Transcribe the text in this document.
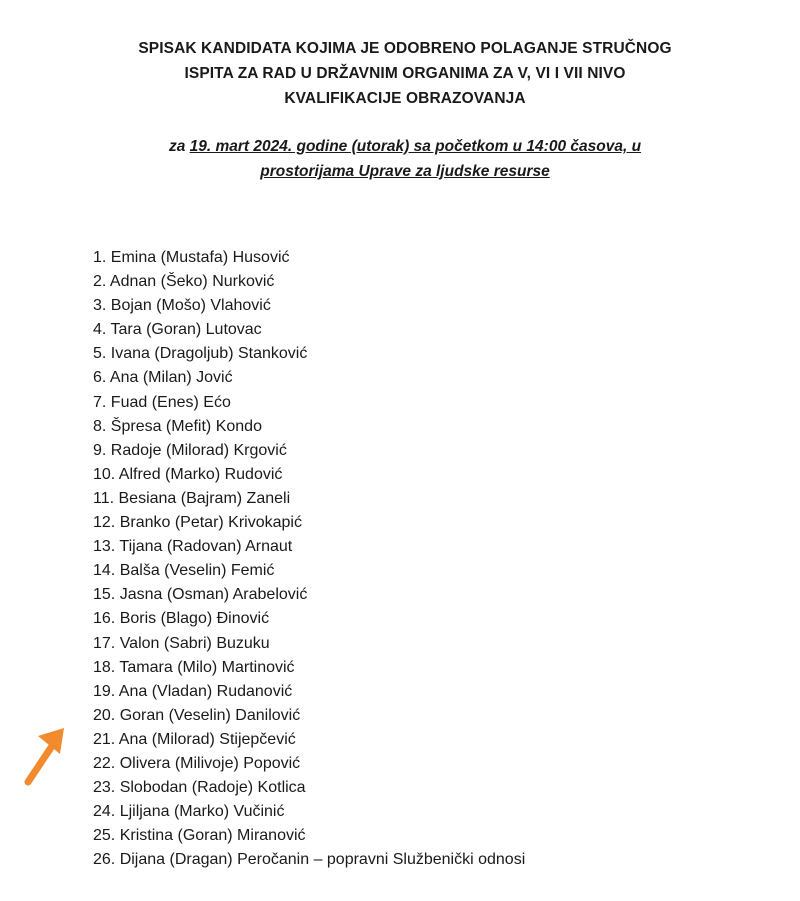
SPISAK KANDIDATA KOJIMA JE ODOBRENO POLAGANJE STRUČNOG
ISPITA ZA RAD U DRŽAVNIM ORGANIMA ZA V, VI I VII NIVO
KVALIFIKACIJE OBRAZOVANJA
za 19. mart 2024. godine (utorak) sa početkom u 14:00 časova, u
prostorijama Uprave za ljudske resurse
1. Emina (Mustafa) Husović
2. Adnan (Šeko) Nurković
3. Bojan (Mošo) Vlahović
4. Tara (Goran) Lutovac
5. Ivana (Dragoljub) Stanković
6. Ana (Milan) Jović
7. Fuad (Enes) Ećo
8. Špresa (Mefit) Kondo
9. Radoje (Milorad) Krgović
10. Alfred (Marko) Rudović
11. Besiana (Bajram) Zaneli
12. Branko (Petar) Krivokapić
13. Tijana (Radovan) Arnaut
14. Balša (Veselin) Femić
15. Jasna (Osman) Arabelović
16. Boris (Blago) Đinović
17. Valon (Sabri) Buzuku
18. Tamara (Milo) Martinović
19. Ana (Vladan) Rudanović
20. Goran (Veselin) Danilović
21. Ana (Milorad) Stijepčević
22. Olivera (Milivoje) Popović
23. Slobodan (Radoje) Kotlica
24. Ljiljana (Marko) Vučinić
25. Kristina (Goran) Miranović
26. Dijana (Dragan) Peročanin – popravni Službenički odnosi
